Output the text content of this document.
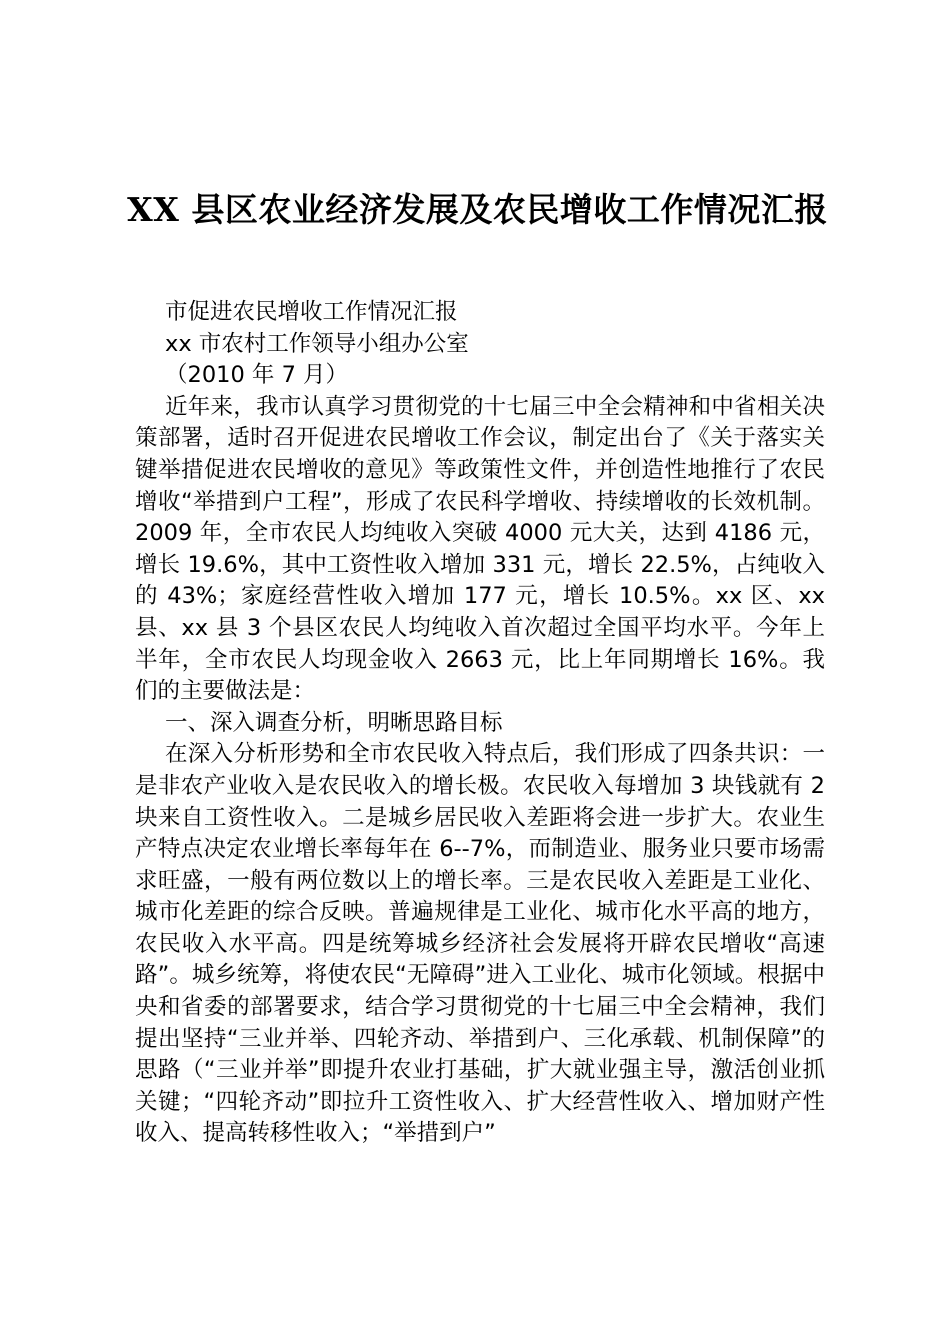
XX 县区农业经济发展及农民增收工作情况汇报

市促进农民增收工作情况汇报

xx 市农村工作领导小组办公室

（2010 年 7 月）

近年来，我市认真学习贯彻党的十七届三中全会精神和中省相关决策部署，适时召开促进农民增收工作会议，制定出台了《关于落实关键举措促进农民增收的意见》等政策性文件，并创造性地推行了农民增收“举措到户工程”，形成了农民科学增收、持续增收的长效机制。2009 年，全市农民人均纯收入突破 4000 元大关，达到 4186 元，增长 19.6%，其中工资性收入增加 331 元，增长 22.5%，占纯收入的 43%；家庭经营性收入增加 177 元，增长 10.5%。xx 区、xx 县、xx 县 3 个县区农民人均纯收入首次超过全国平均水平。今年上半年，全市农民人均现金收入 2663 元，比上年同期增长 16%。我们的主要做法是：

一、深入调查分析，明晰思路目标

在深入分析形势和全市农民收入特点后，我们形成了四条共识：一是非农产业收入是农民收入的增长极。农民收入每增加 3 块钱就有 2 块来自工资性收入。二是城乡居民收入差距将会进一步扩大。农业生产特点决定农业增长率每年在 6--7%，而制造业、服务业只要市场需求旺盛，一般有两位数以上的增长率。三是农民收入差距是工业化、城市化差距的综合反映。普遍规律是工业化、城市化水平高的地方，农民收入水平高。四是统筹城乡经济社会发展将开辟农民增收“高速路”。城乡统筹，将使农民“无障碍”进入工业化、城市化领域。根据中央和省委的部署要求，结合学习贯彻党的十七届三中全会精神，我们提出坚持“三业并举、四轮齐动、举措到户、三化承载、机制保障”的思路（“三业并举”即提升农业打基础，扩大就业强主导，激活创业抓关键；“四轮齐动”即拉升工资性收入、扩大经营性收入、增加财产性收入、提高转移性收入；“举措到户”
